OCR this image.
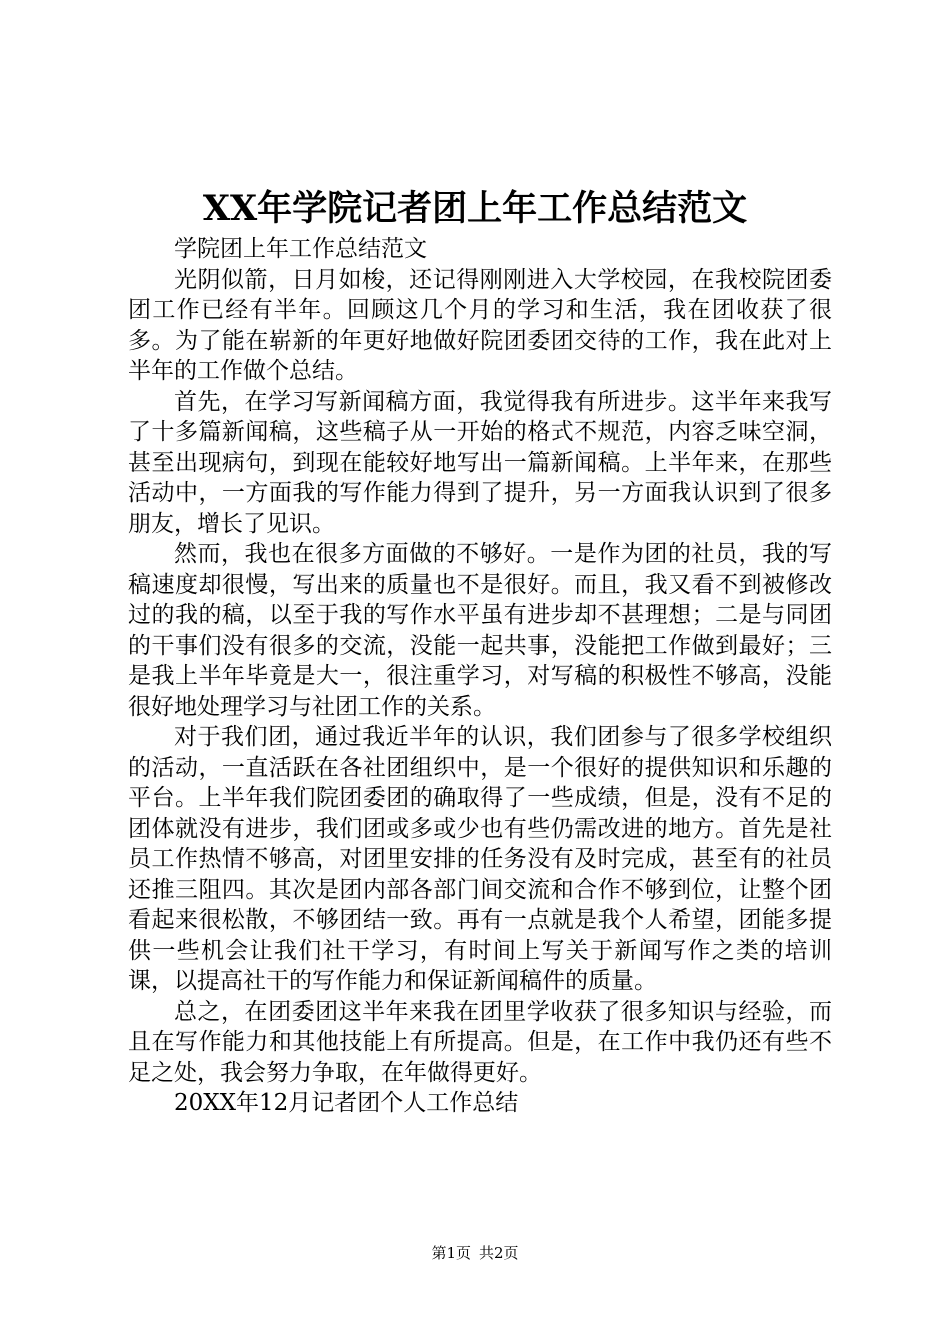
XX年学院记者团上年工作总结范文

学院团上年工作总结范文

光阴似箭，日月如梭，还记得刚刚进入大学校园，在我校院团委团工作已经有半年。回顾这几个月的学习和生活，我在团收获了很多。为了能在崭新的年更好地做好院团委团交待的工作，我在此对上半年的工作做个总结。

首先，在学习写新闻稿方面，我觉得我有所进步。这半年来我写了十多篇新闻稿，这些稿子从一开始的格式不规范，内容乏味空洞，甚至出现病句，到现在能较好地写出一篇新闻稿。上半年来，在那些活动中，一方面我的写作能力得到了提升，另一方面我认识到了很多朋友，增长了见识。

然而，我也在很多方面做的不够好。一是作为团的社员，我的写稿速度却很慢，写出来的质量也不是很好。而且，我又看不到被修改过的我的稿，以至于我的写作水平虽有进步却不甚理想；二是与同团的干事们没有很多的交流，没能一起共事，没能把工作做到最好；三是我上半年毕竟是大一，很注重学习，对写稿的积极性不够高，没能很好地处理学习与社团工作的关系。

对于我们团，通过我近半年的认识，我们团参与了很多学校组织的活动，一直活跃在各社团组织中，是一个很好的提供知识和乐趣的平台。上半年我们院团委团的确取得了一些成绩，但是，没有不足的团体就没有进步，我们团或多或少也有些仍需改进的地方。首先是社员工作热情不够高，对团里安排的任务没有及时完成，甚至有的社员还推三阻四。其次是团内部各部门间交流和合作不够到位，让整个团看起来很松散，不够团结一致。再有一点就是我个人希望，团能多提供一些机会让我们社干学习，有时间上写关于新闻写作之类的培训课，以提高社干的写作能力和保证新闻稿件的质量。

总之，在团委团这半年来我在团里学收获了很多知识与经验，而且在写作能力和其他技能上有所提高。但是，在工作中我仍还有些不足之处，我会努力争取，在年做得更好。

20XX年12月记者团个人工作总结

第1页 共2页
